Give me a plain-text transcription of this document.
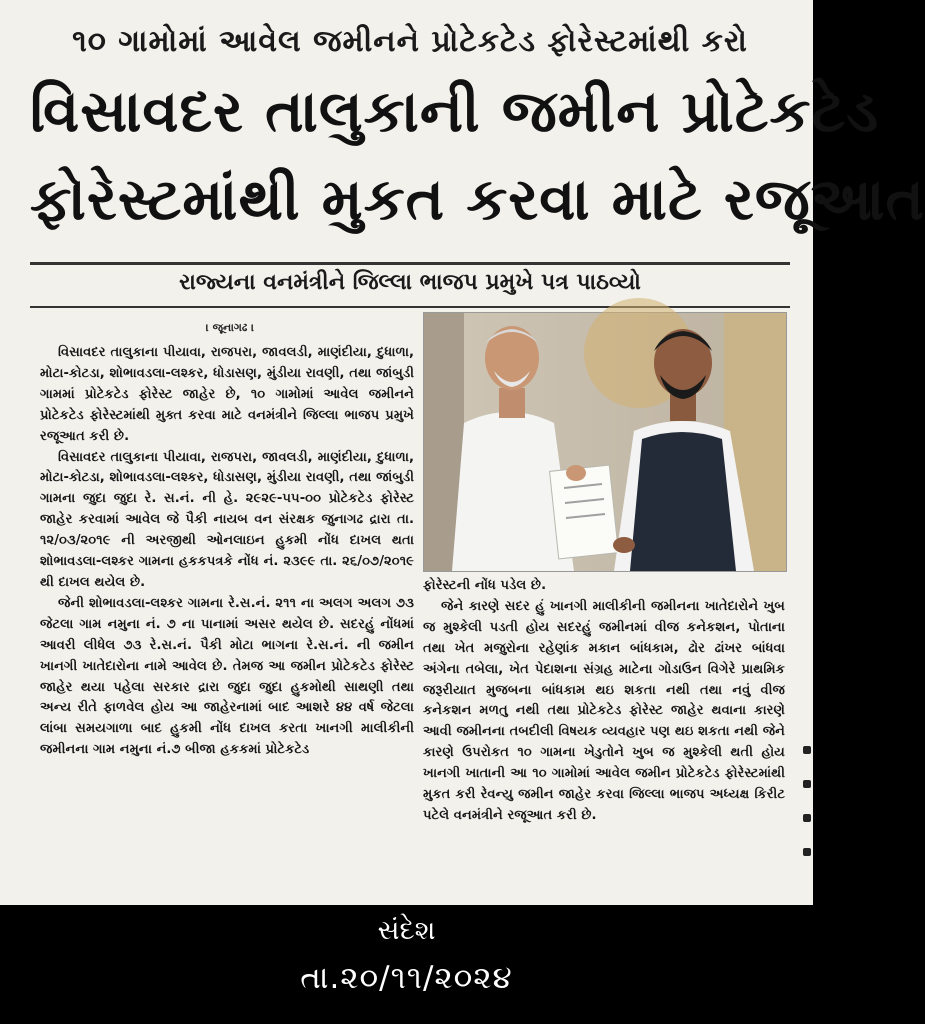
૧૦ ગામોમાં આવેલ જમીનને પ્રોટેકટેડ ફોરેસ્ટમાંથી કરો
વિસાવદર તાલુકાની જમીન પ્રોટેકટેડ
ફોરેસ્ટમાંથી મુકત કરવા માટે રજૂઆત
રાજ્યના વનમંત્રીને જિલ્લા ભાજપ પ્રમુખે પત્ર પાઠવ્યો
। જૂનાગઢ ।

વિસાવદર તાલુકાના પીયાવા, રાજપરા, જાવલડી, માણંદીયા, દુધાળા, મોટા-કોટડા, શોભાવડલા-લશ્કર, ધોડાસણ, મુંડીયા રાવણી, તથા જાંબુડી ગામમાં પ્રોટેકટેડ ફોરેસ્ટ જાહેર છે, ૧૦ ગામોમાં આવેલ જમીનને પ્રોટેકટેડ ફોરેસ્ટમાંથી મુક્ત કરવા માટે વનમંત્રીને જિલ્લા ભાજપ પ્રમુખે રજૂઆત કરી છે.

વિસાવદર તાલુકાના પીયાવા, રાજપરા, જાવલડી, માણંદીયા, દુધાળા, મોટા-કોટડા, શોભાવડલા-લશ્કર, ધોડાસણ, મુંડીયા રાવણી, તથા જાંબુડી ગામના જુદા જુદા રે. સ.નં. ની હે. ૨૯૨૯-૫૫-૦૦ પ્રોટેકટેડ ફોરેસ્ટ જાહેર કરવામાં આવેલ જે પૈકી નાયબ વન સંરક્ષક જુનાગઢ દ્રારા તા. ૧૨/૦૩/૨૦૧૯ ની અરજીથી ઓનલાઇન હુકમી નોંધ દાખલ થતા શોભાવડલા-લશ્કર ગામના હકકપત્રકે નોંધ નં. ૨૩૯૯ તા. ૨૬/૦૭/૨૦૧૯ થી દાખલ થયેલ છે.

જેની શોભાવડલા-લશ્કર ગામના રે.સ.નં. ૨૧૧ ના અલગ અલગ ૭૩ જેટલા ગામ નમુના નં. ૭ ના પાનામાં અસર થયેલ છે. સદરહું નોંધમાં આવરી લીધેલ ૭૩ રે.સ.નં. પૈકી મોટા ભાગના રે.સ.નં. ની જમીન ખાનગી ખાતેદારોના નામે આવેલ છે. તેમજ આ જમીન પ્રોટેકટેડ ફોરેસ્ટ જાહેર થયા પહેલા સરકાર દ્રારા જુદા જુદા હુકમોથી સાથણી તથા અન્ય રીતે ફાળવેલ હોય આ જાહેરનામાં બાદ આશરે ૪૪ વર્ષ જેટલા લાંબા સમયગાળા બાદ હુકમી નોંધ દાખલ કરતા ખાનગી માલીકીની જમીનના ગામ નમુના નં.૭ બીજા હકકમાં પ્રોટેકટેડ

ફોરેસ્ટની નોંધ પડેલ છે.

જેને કારણે સદર હું ખાનગી માલીકીની જમીનના ખાતેદારોને ખુબ જ મુશ્કેલી પડતી હોય સદરહું જમીનમાં વીજ કનેકશન, પોતાના તથા ખેત મજુરોના રહેણાંક મકાન બાંધકામ, ઢોર ઢાંખર બાંધવા અંગેના તબેલા, ખેત પેદાશના સંગ્રહ માટેના ગોડાઉન વિગેરે પ્રાથમિક જરૂરીયાત મુજબના બાંધકામ થઇ શકતા નથી તથા નવું વીજ કનેકશન મળતુ નથી તથા પ્રોટેકટેડ ફોરેસ્ટ જાહેર થવાના કારણે આવી જમીનના તબદીલી વિષયક વ્યવહાર પણ થઇ શકતા નથી જેને કારણે ઉપરોકત ૧૦ ગામના ખેડુતોને ખુબ જ મુશ્કેલી થતી હોય ખાનગી ખાતાની આ ૧૦ ગામોમાં આવેલ જમીન પ્રોટેકટેડ ફોરેસ્ટમાંથી મુકત કરી રેવન્યુ જમીન જાહેર કરવા જિલ્લા ભાજપ અધ્યક્ષ કિરીટ પટેલે વનમંત્રીને રજૂઆત કરી છે.

સંદેશ
તા.૨૦/૧૧/૨૦૨૪
